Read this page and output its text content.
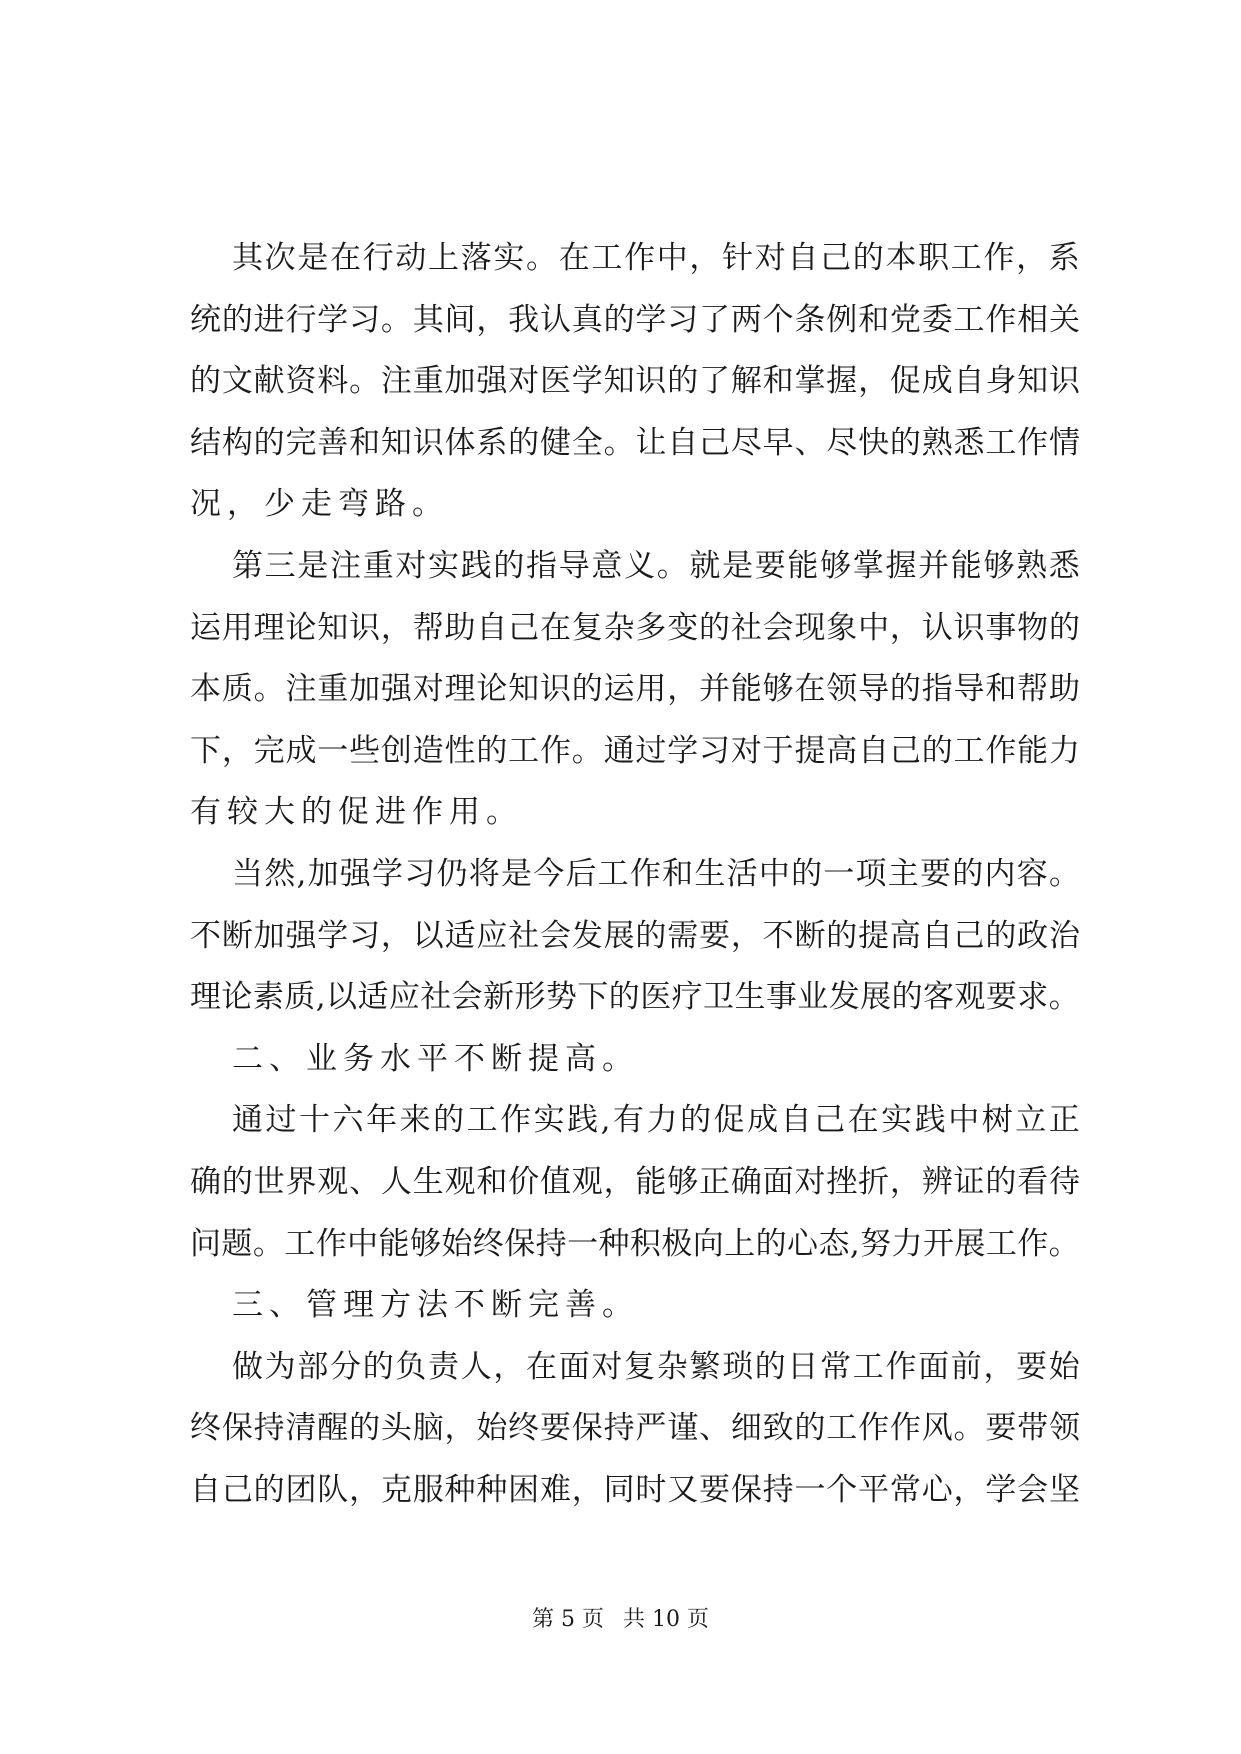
其 次 是 在 行 动 上 落 实 。 在 工 作 中 ， 针 对 自 己 的 本 职 工 作 ， 系
统 的 进 行 学 习 。 其 间 ， 我 认 真 的 学 习 了 两 个 条 例 和 党 委 工 作 相 关
的 文 献 资 料 。 注 重 加 强 对 医 学 知 识 的 了 解 和 掌 握 ， 促 成 自 身 知 识
结 构 的 完 善 和 知 识 体 系 的 健 全 。 让 自 己 尽 早 、 尽 快 的 熟 悉 工 作 情
况，少走弯路。
第 三 是 注 重 对 实 践 的 指 导 意 义 。 就 是 要 能 够 掌 握 并 能 够 熟 悉
运 用 理 论 知 识 ， 帮 助 自 己 在 复 杂 多 变 的 社 会 现 象 中 ， 认 识 事 物 的
本 质 。 注 重 加 强 对 理 论 知 识 的 运 用 ， 并 能 够 在 领 导 的 指 导 和 帮 助
下 ， 完 成 一 些 创 造 性 的 工 作 。 通 过 学 习 对 于 提 高 自 己 的 工 作 能 力
有较大的促进作用。
当 然 , 加 强 学 习 仍 将 是 今 后 工 作 和 生 活 中 的 一 项 主 要 的 内 容 。
不 断 加 强 学 习 ， 以 适 应 社 会 发 展 的 需 要 ， 不 断 的 提 高 自 己 的 政 治
理 论 素 质 , 以 适 应 社 会 新 形 势 下 的 医 疗 卫 生 事 业 发 展 的 客 观 要 求 。
二、业务水平不断提高。
通 过 十 六 年 来 的 工 作 实 践 , 有 力 的 促 成 自 己 在 实 践 中 树 立 正
确 的 世 界 观 、 人 生 观 和 价 值 观 ， 能 够 正 确 面 对 挫 折 ， 辨 证 的 看 待
问 题 。 工 作 中 能 够 始 终 保 持 一 种 积 极 向 上 的 心 态 , 努 力 开 展 工 作 。
三、管理方法不断完善。
做 为 部 分 的 负 责 人 ， 在 面 对 复 杂 繁 琐 的 日 常 工 作 面 前 ， 要 始
终 保 持 清 醒 的 头 脑 ， 始 终 要 保 持 严 谨 、 细 致 的 工 作 作 风 。 要 带 领
自 己 的 团 队 ， 克 服 种 种 困 难 ， 同 时 又 要 保 持 一 个 平 常 心 ， 学 会 坚
第 5 页 共 10 页
